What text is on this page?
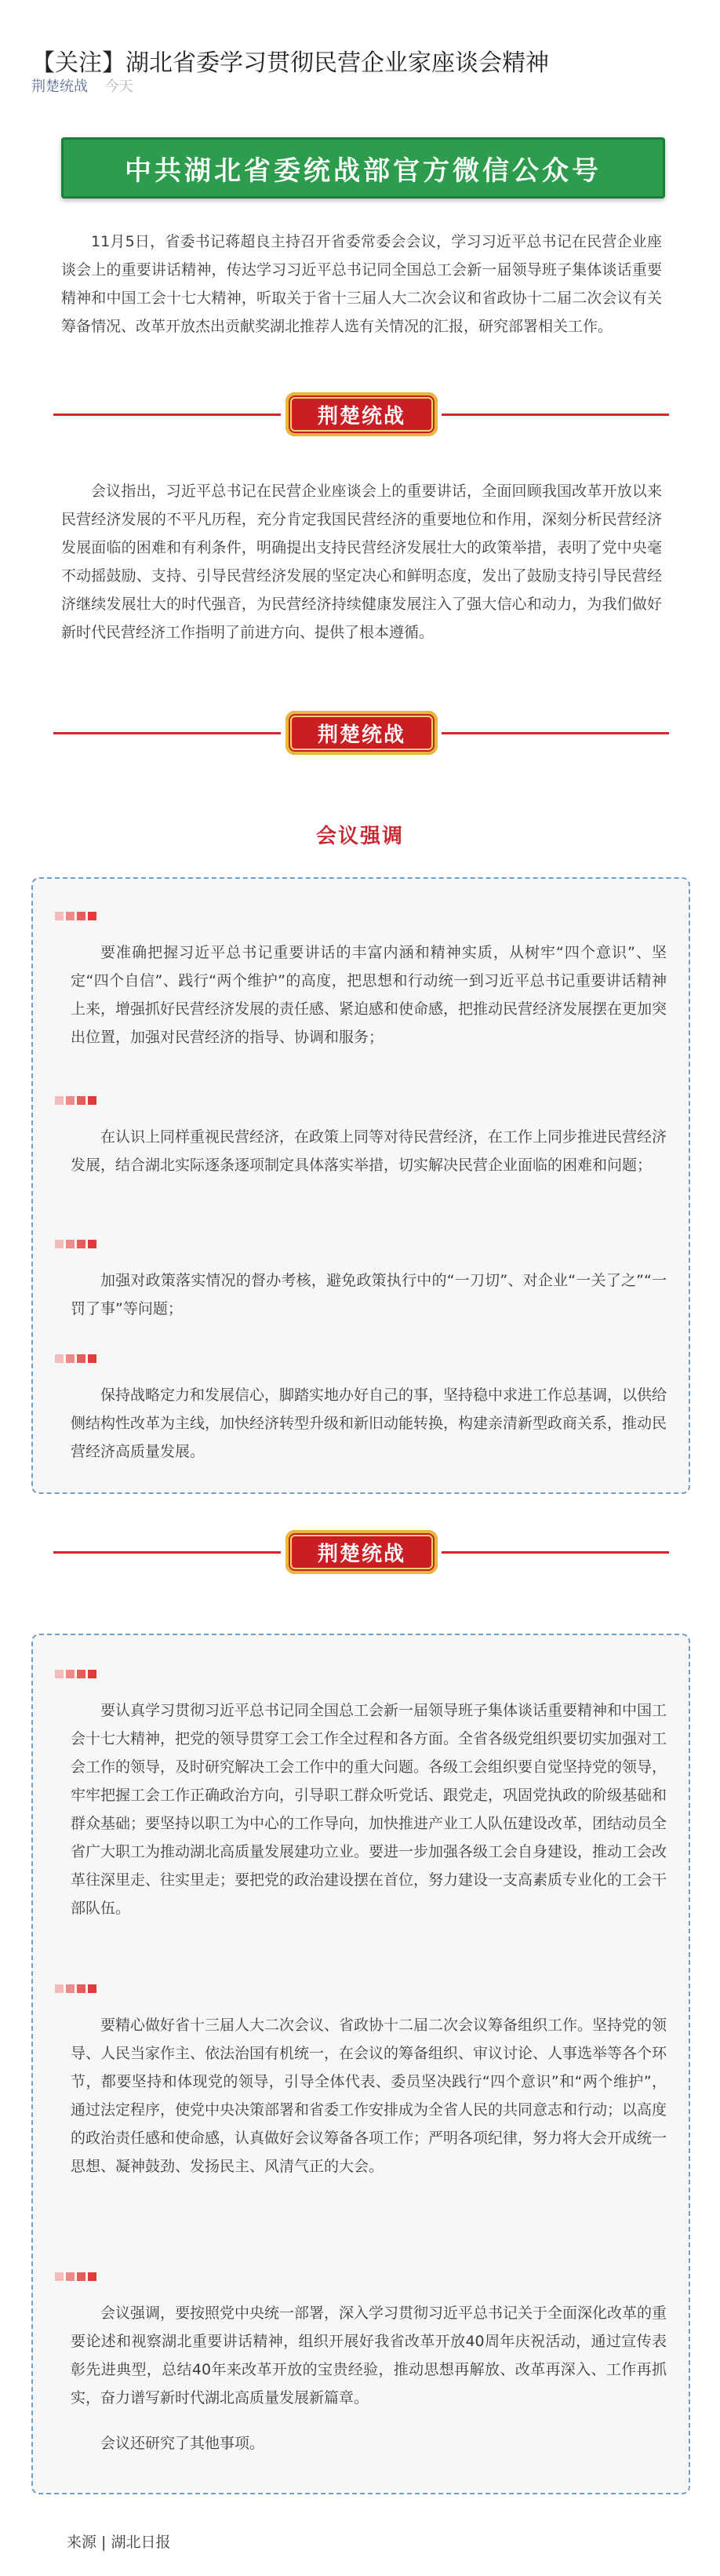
【关注】湖北省委学习贯彻民营企业家座谈会精神
荆楚统战 今天
中共湖北省委统战部官方微信公众号

11月5日，省委书记蒋超良主持召开省委常委会会议，学习习近平总书记在民营企业座谈会上的重要讲话精神，传达学习习近平总书记同全国总工会新一届领导班子集体谈话重要精神和中国工会十七大精神，听取关于省十三届人大二次会议和省政协十二届二次会议有关筹备情况、改革开放杰出贡献奖湖北推荐人选有关情况的汇报，研究部署相关工作。

荆楚统战

会议指出，习近平总书记在民营企业座谈会上的重要讲话，全面回顾我国改革开放以来民营经济发展的不平凡历程，充分肯定我国民营经济的重要地位和作用，深刻分析民营经济发展面临的困难和有利条件，明确提出支持民营经济发展壮大的政策举措，表明了党中央毫不动摇鼓励、支持、引导民营经济发展的坚定决心和鲜明态度，发出了鼓励支持引导民营经济继续发展壮大的时代强音，为民营经济持续健康发展注入了强大信心和动力，为我们做好新时代民营经济工作指明了前进方向、提供了根本遵循。

荆楚统战
会议强调

要准确把握习近平总书记重要讲话的丰富内涵和精神实质，从树牢“四个意识”、坚定“四个自信”、践行“两个维护”的高度，把思想和行动统一到习近平总书记重要讲话精神上来，增强抓好民营经济发展的责任感、紧迫感和使命感，把推动民营经济发展摆在更加突出位置，加强对民营经济的指导、协调和服务；

在认识上同样重视民营经济，在政策上同等对待民营经济，在工作上同步推进民营经济发展，结合湖北实际逐条逐项制定具体落实举措，切实解决民营企业面临的困难和问题；

加强对政策落实情况的督办考核，避免政策执行中的“一刀切”、对企业“一关了之”“一罚了事”等问题；

保持战略定力和发展信心，脚踏实地办好自己的事，坚持稳中求进工作总基调，以供给侧结构性改革为主线，加快经济转型升级和新旧动能转换，构建亲清新型政商关系，推动民营经济高质量发展。

荆楚统战

要认真学习贯彻习近平总书记同全国总工会新一届领导班子集体谈话重要精神和中国工会十七大精神，把党的领导贯穿工会工作全过程和各方面。全省各级党组织要切实加强对工会工作的领导，及时研究解决工会工作中的重大问题。各级工会组织要自觉坚持党的领导，牢牢把握工会工作正确政治方向，引导职工群众听党话、跟党走，巩固党执政的阶级基础和群众基础；要坚持以职工为中心的工作导向，加快推进产业工人队伍建设改革，团结动员全省广大职工为推动湖北高质量发展建功立业。要进一步加强各级工会自身建设，推动工会改革往深里走、往实里走；要把党的政治建设摆在首位，努力建设一支高素质专业化的工会干部队伍。

要精心做好省十三届人大二次会议、省政协十二届二次会议筹备组织工作。坚持党的领导、人民当家作主、依法治国有机统一，在会议的筹备组织、审议讨论、人事选举等各个环节，都要坚持和体现党的领导，引导全体代表、委员坚决践行“四个意识”和“两个维护”，通过法定程序，使党中央决策部署和省委工作安排成为全省人民的共同意志和行动；以高度的政治责任感和使命感，认真做好会议筹备各项工作；严明各项纪律，努力将大会开成统一思想、凝神鼓劲、发扬民主、风清气正的大会。

会议强调，要按照党中央统一部署，深入学习贯彻习近平总书记关于全面深化改革的重要论述和视察湖北重要讲话精神，组织开展好我省改革开放40周年庆祝活动，通过宣传表彰先进典型，总结40年来改革开放的宝贵经验，推动思想再解放、改革再深入、工作再抓实，奋力谱写新时代湖北高质量发展新篇章。

会议还研究了其他事项。

来源 | 湖北日报
